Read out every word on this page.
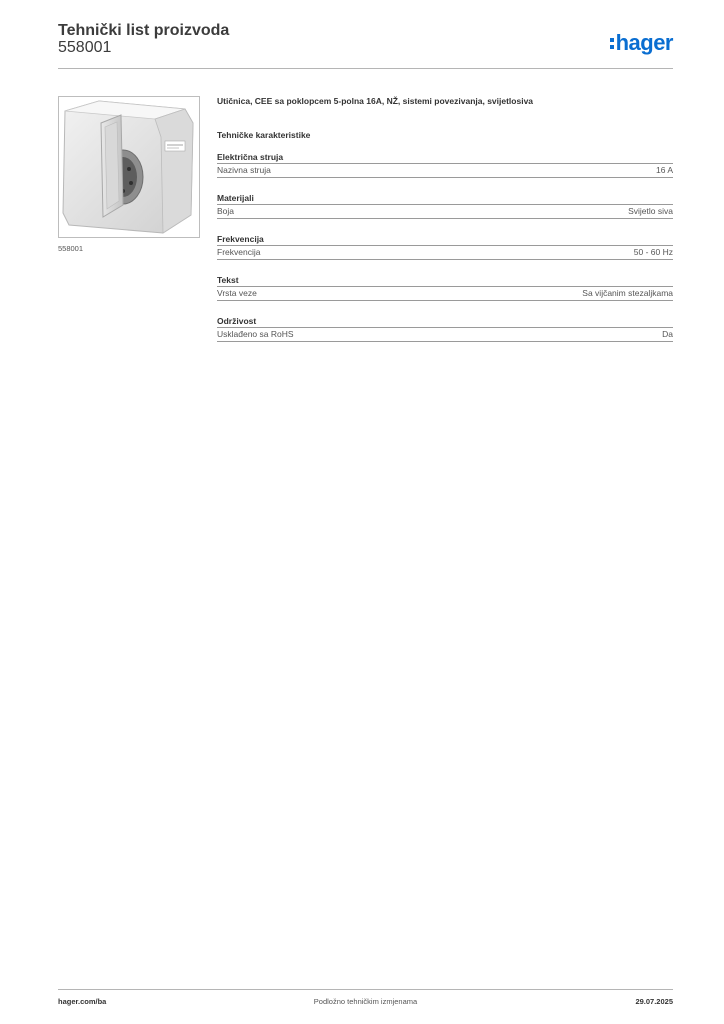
Tehnički list proizvoda
558001	hager
558001
Utičnica, CEE sa poklopcem 5-polna 16A, NŽ, sistemi povezivanja, svijetlosiva
Tehničke karakteristike
Električna struja
Nazivna struja	16 A
Materijali
Boja	Svijetlo siva
Frekvencija
Frekvencija	50 - 60 Hz
Tekst
Vrsta veze	Sa vijčanim stezaljkama
Održivost
Usklađeno sa RoHS	Da
hager.com/ba	Podložno tehničkim izmjenama	29.07.2025
